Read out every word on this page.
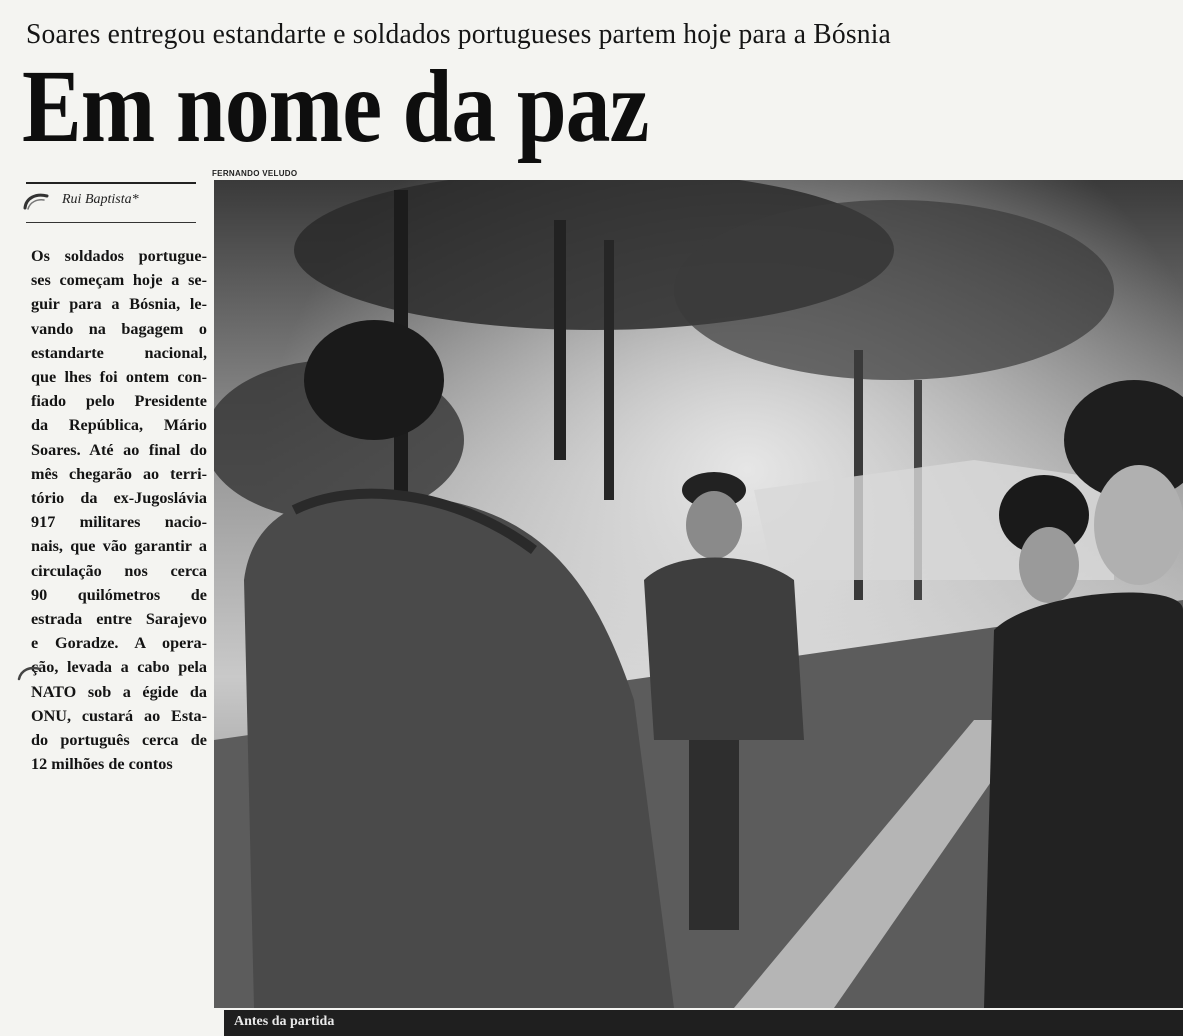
Soares entregou estandarte e soldados portugueses partem hoje para a Bósnia
Em nome da paz
FERNANDO VELUDO
Rui Baptista*
Os soldados portugue-
ses começam hoje a se-
guir para a Bósnia, le-
vando na bagagem o
estandarte nacional,
que lhes foi ontem con-
fiado pelo Presidente
da República, Mário
Soares. Até ao final do
mês chegarão ao terri-
tório da ex-Jugoslávia
917 militares nacio-
nais, que vão garantir a
circulação nos cerca
90 quilómetros de
estrada entre Sarajevo
e Goradze. A opera-
ção, levada a cabo pela
NATO sob a égide da
ONU, custará ao Esta-
do português cerca de
12 milhões de contos
Antes da partida
